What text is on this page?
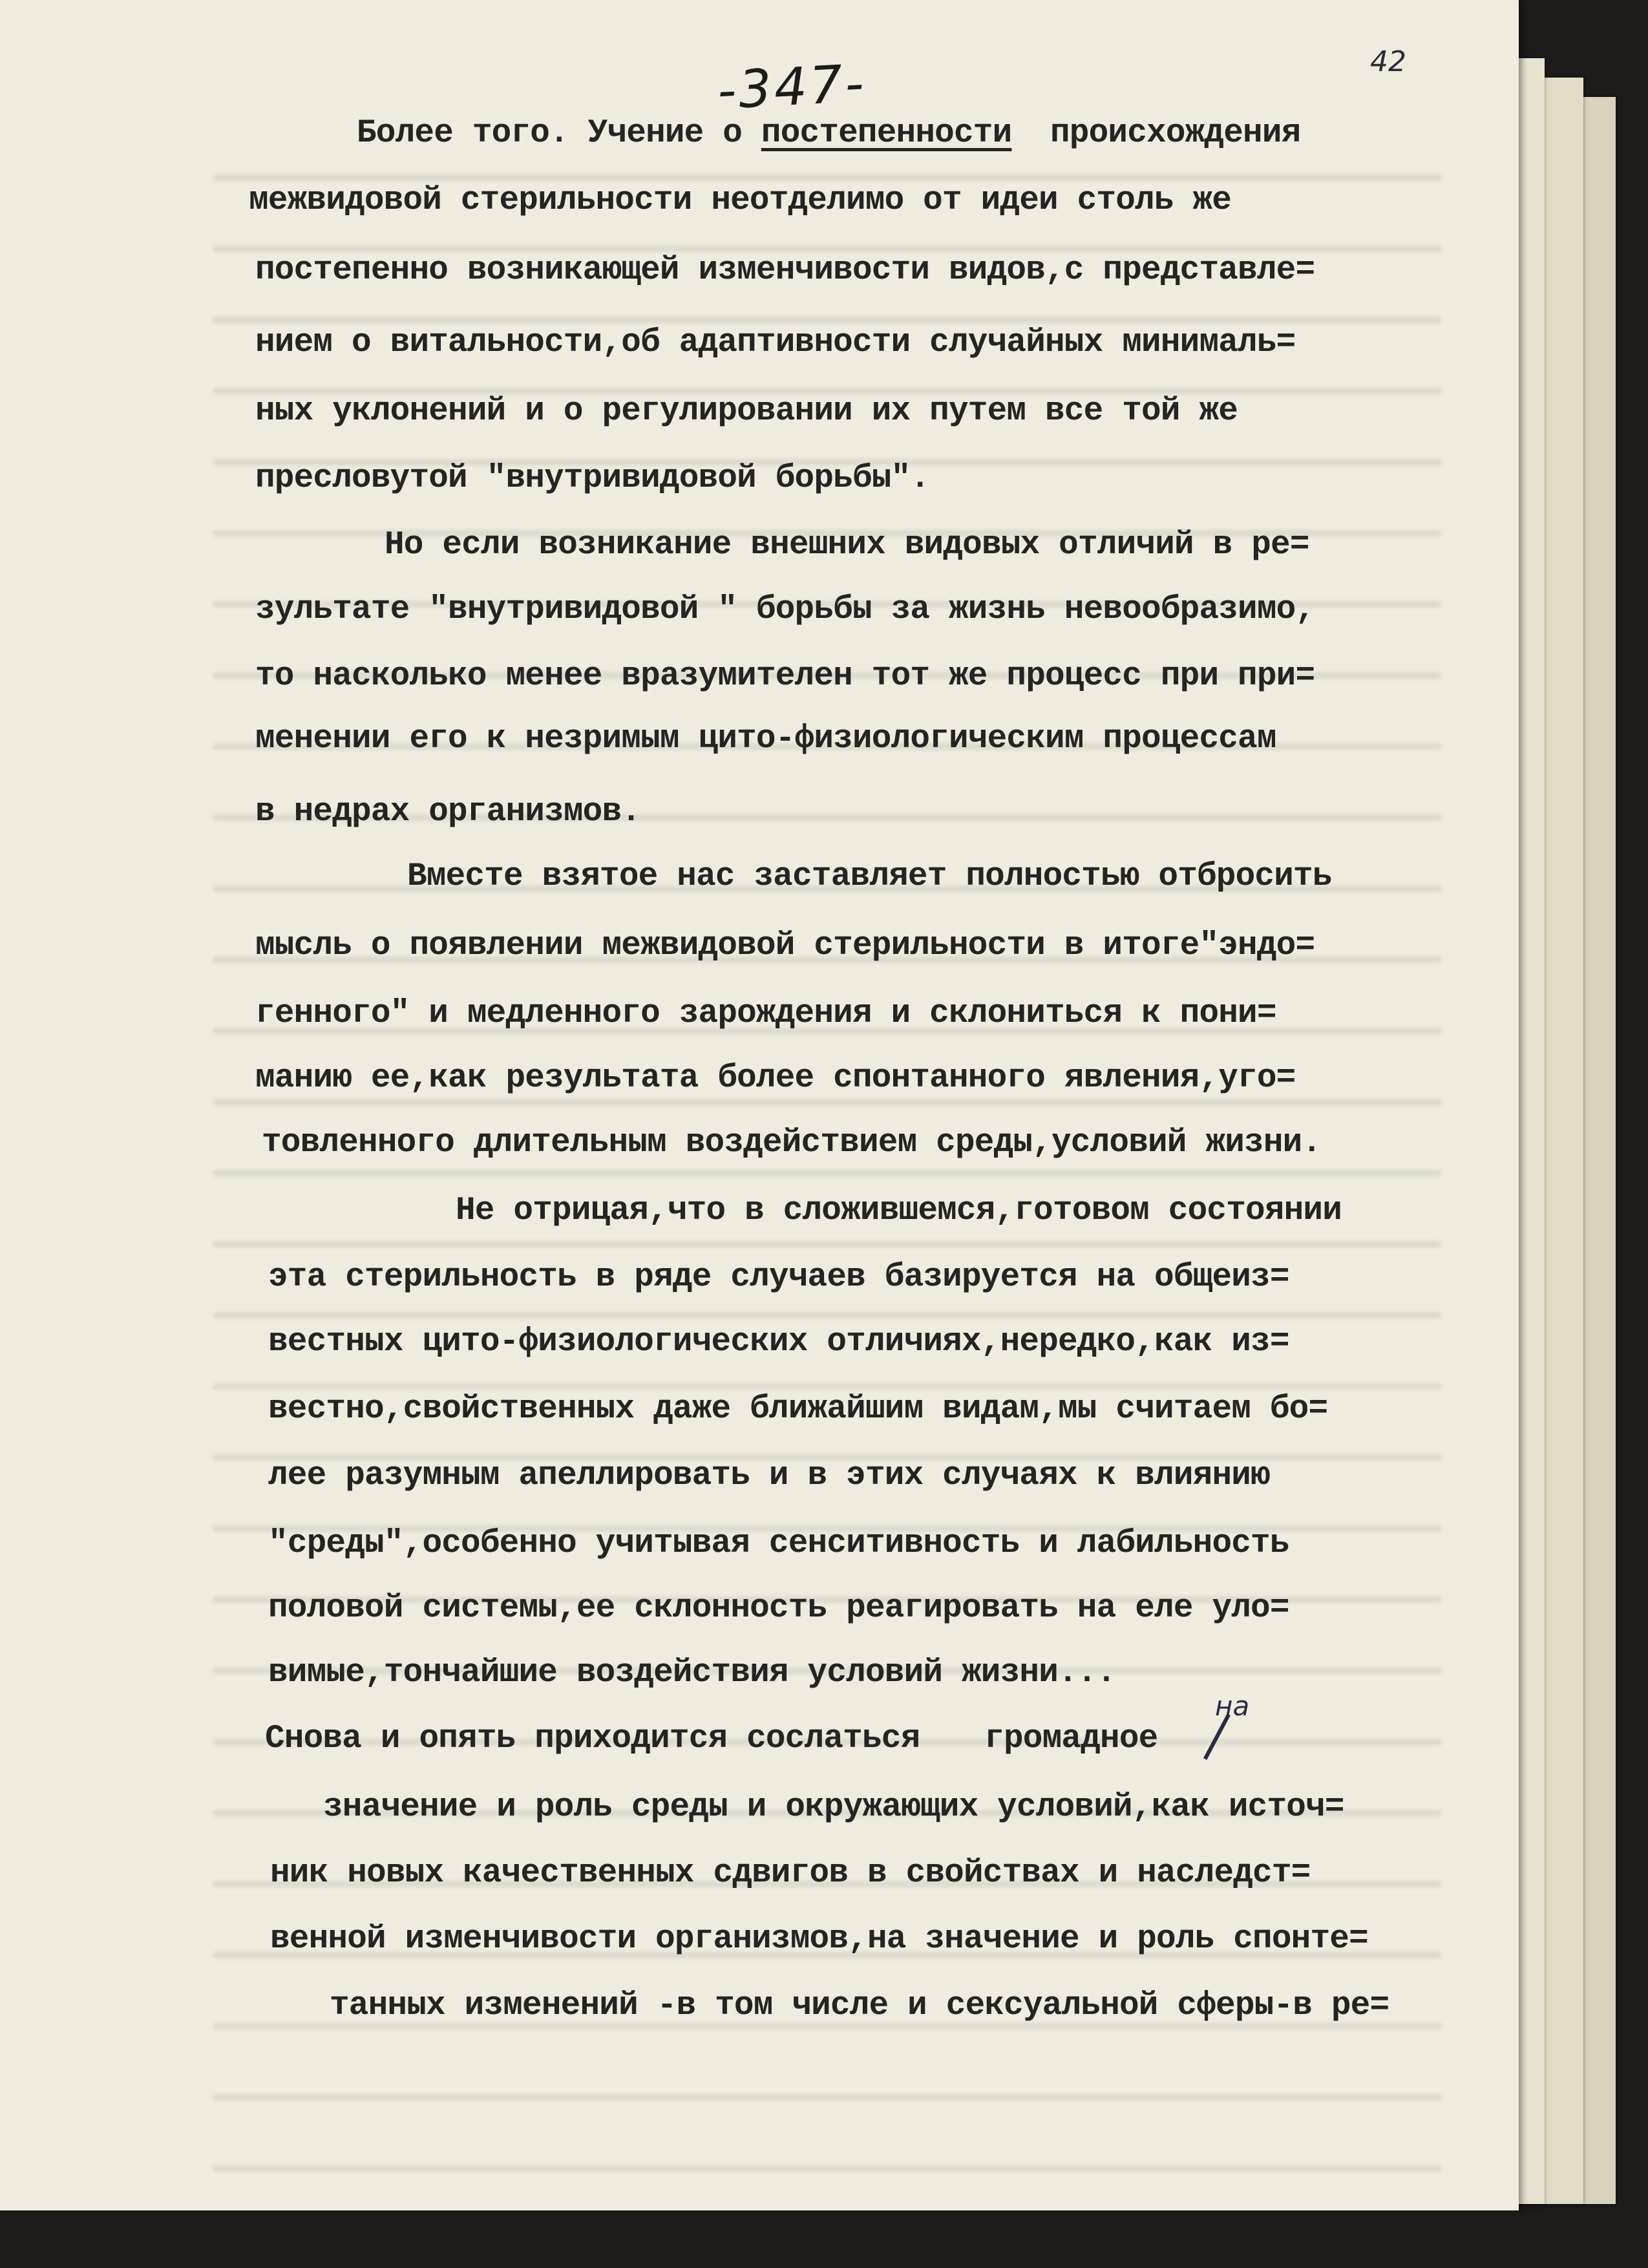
-347-	42
Более того. Учение о постепенности  происхождения
межвидовой стерильности неотделимо от идеи столь же
постепенно возникающей изменчивости видов,с представле=
нием о витальности,об адаптивности случайных минималь=
ных уклонений и о регулировании их путем все той же
пресловутой "внутривидовой борьбы".
Но если возникание внешних видовых отличий в ре=
зультате "внутривидовой " борьбы за жизнь невообразимо,
то насколько менее вразумителен тот же процесс при при=
менении его к незримым цито-физиологическим процессам
в недрах организмов.
Вместе взятое нас заставляет полностью отбросить
мысль о появлении межвидовой стерильности в итоге"эндо=
генного" и медленного зарождения и склониться к пони=
манию ее,как результата более спонтанного явления,уго=
товленного длительным воздействием среды,условий жизни.
Не отрицая,что в сложившемся,готовом состоянии
эта стерильность в ряде случаев базируется на общеиз=
вестных цито-физиологических отличиях,нередко,как из=
вестно,свойственных даже ближайшим видам,мы считаем бо=
лее разумным апеллировать и в этих случаях к влиянию
"среды",особенно учитывая сенситивность и лабильность
половой системы,ее склонность реагировать на еле уло=
вимые,тончайшие воздействия условий жизни...
Снова и опять приходится сослаться громадное
на
значение и роль среды и окружающих условий,как источ=
ник новых качественных сдвигов в свойствах и наследст=
венной изменчивости организмов,на значение и роль спонте=
танных изменений -в том числе и сексуальной сферы-в ре=
